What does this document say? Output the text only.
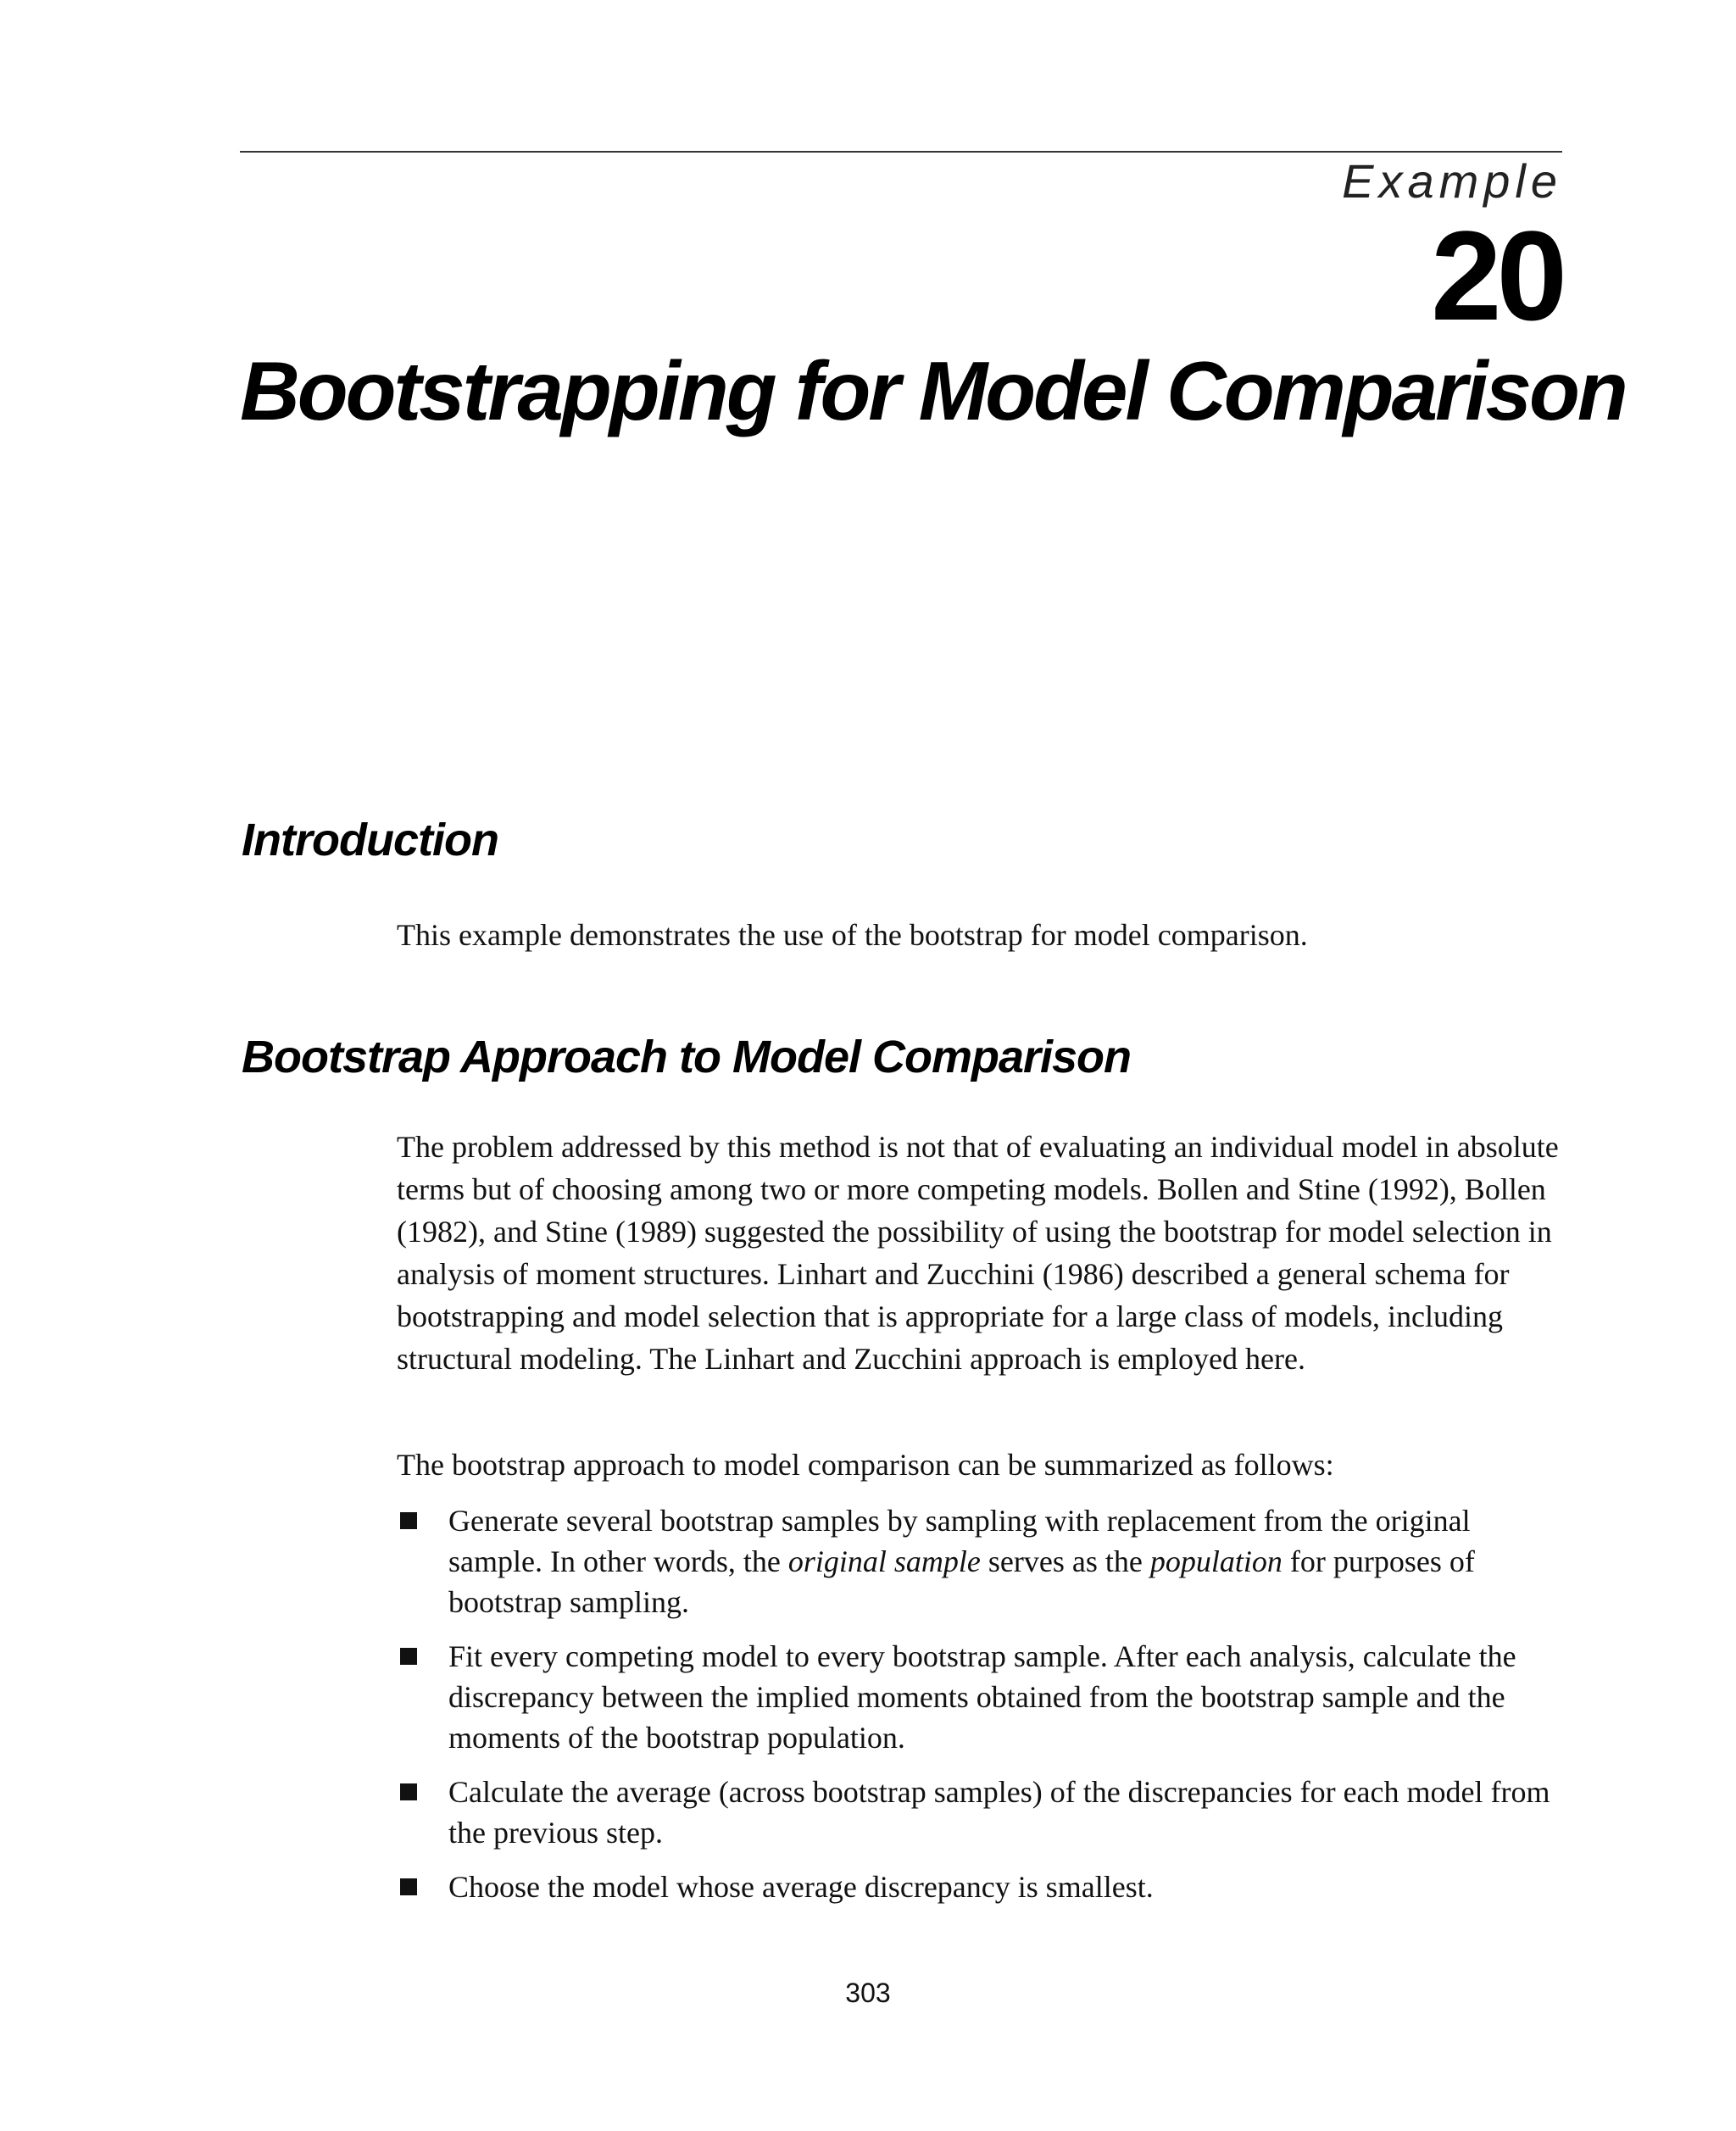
Example
20
Bootstrapping for Model Comparison
Introduction

This example demonstrates the use of the bootstrap for model comparison.

Bootstrap Approach to Model Comparison

The problem addressed by this method is not that of evaluating an individual model in absolute terms but of choosing among two or more competing models. Bollen and Stine (1992), Bollen (1982), and Stine (1989) suggested the possibility of using the bootstrap for model selection in analysis of moment structures. Linhart and Zucchini (1986) described a general schema for bootstrapping and model selection that is appropriate for a large class of models, including structural modeling. The Linhart and Zucchini approach is employed here.

The bootstrap approach to model comparison can be summarized as follows:

Generate several bootstrap samples by sampling with replacement from the original sample. In other words, the original sample serves as the population for purposes of bootstrap sampling.
Fit every competing model to every bootstrap sample. After each analysis, calculate the discrepancy between the implied moments obtained from the bootstrap sample and the moments of the bootstrap population.
Calculate the average (across bootstrap samples) of the discrepancies for each model from the previous step.
Choose the model whose average discrepancy is smallest.
303
